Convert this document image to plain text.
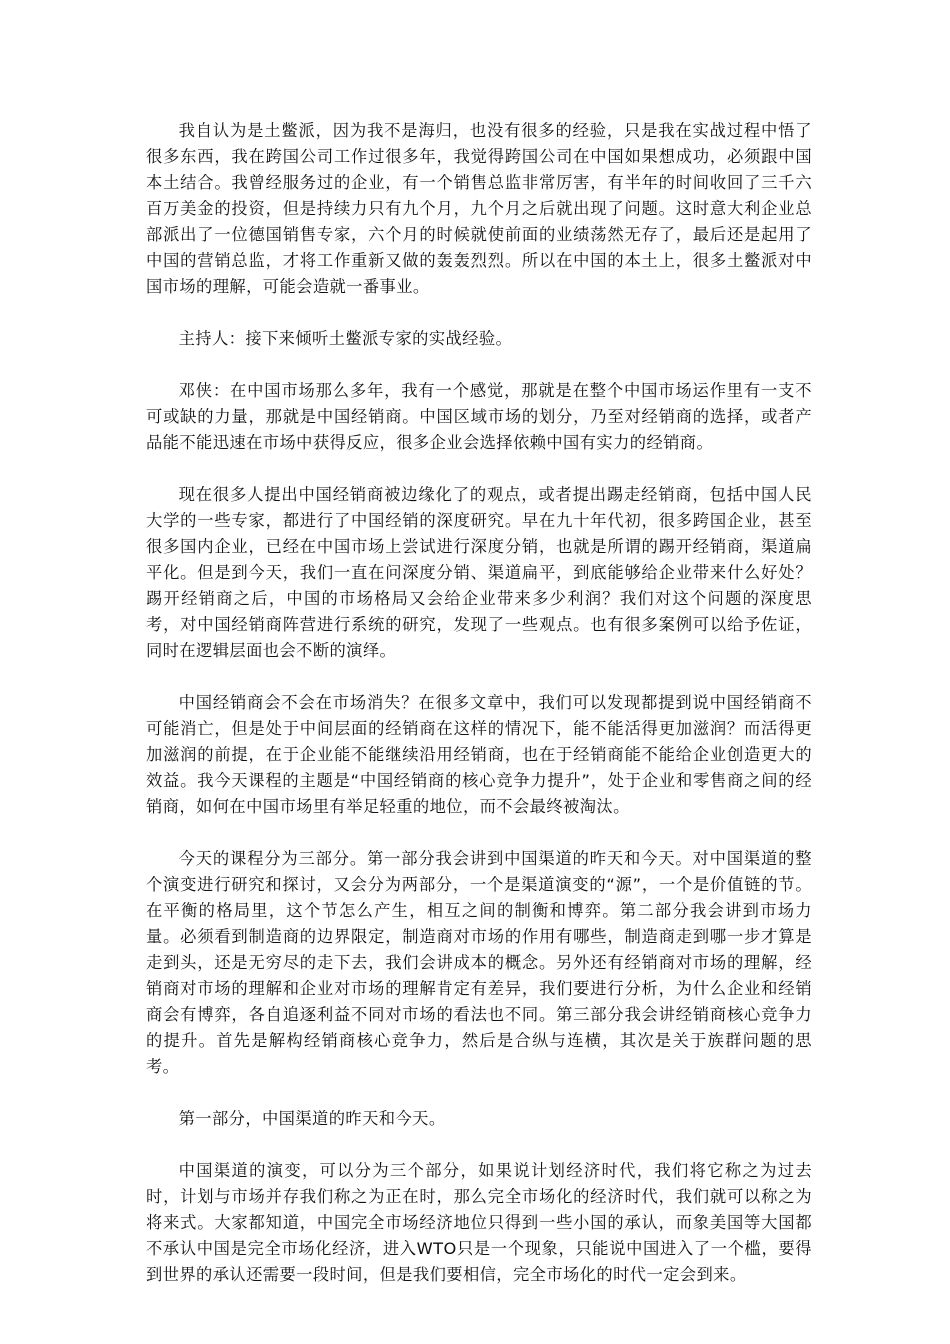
我自认为是土鳖派，因为我不是海归，也没有很多的经验，只是我在实战过程中悟了很多东西，我在跨国公司工作过很多年，我觉得跨国公司在中国如果想成功，必须跟中国本土结合。我曾经服务过的企业，有一个销售总监非常厉害，有半年的时间收回了三千六百万美金的投资，但是持续力只有九个月，九个月之后就出现了问题。这时意大利企业总部派出了一位德国销售专家，六个月的时候就使前面的业绩荡然无存了，最后还是起用了中国的营销总监，才将工作重新又做的轰轰烈烈。所以在中国的本土上，很多土鳖派对中国市场的理解，可能会造就一番事业。

主持人：接下来倾听土鳖派专家的实战经验。

邓侠：在中国市场那么多年，我有一个感觉，那就是在整个中国市场运作里有一支不可或缺的力量，那就是中国经销商。中国区域市场的划分，乃至对经销商的选择，或者产品能不能迅速在市场中获得反应，很多企业会选择依赖中国有实力的经销商。

现在很多人提出中国经销商被边缘化了的观点，或者提出踢走经销商，包括中国人民大学的一些专家，都进行了中国经销的深度研究。早在九十年代初，很多跨国企业，甚至很多国内企业，已经在中国市场上尝试进行深度分销，也就是所谓的踢开经销商，渠道扁平化。但是到今天，我们一直在问深度分销、渠道扁平，到底能够给企业带来什么好处？踢开经销商之后，中国的市场格局又会给企业带来多少利润？我们对这个问题的深度思考，对中国经销商阵营进行系统的研究，发现了一些观点。也有很多案例可以给予佐证，同时在逻辑层面也会不断的演绎。

中国经销商会不会在市场消失？在很多文章中，我们可以发现都提到说中国经销商不可能消亡，但是处于中间层面的经销商在这样的情况下，能不能活得更加滋润？而活得更加滋润的前提，在于企业能不能继续沿用经销商，也在于经销商能不能给企业创造更大的效益。我今天课程的主题是“中国经销商的核心竞争力提升”，处于企业和零售商之间的经销商，如何在中国市场里有举足轻重的地位，而不会最终被淘汰。

今天的课程分为三部分。第一部分我会讲到中国渠道的昨天和今天。对中国渠道的整个演变进行研究和探讨，又会分为两部分，一个是渠道演变的“源”，一个是价值链的节。在平衡的格局里，这个节怎么产生，相互之间的制衡和博弈。第二部分我会讲到市场力量。必须看到制造商的边界限定，制造商对市场的作用有哪些，制造商走到哪一步才算是走到头，还是无穷尽的走下去，我们会讲成本的概念。另外还有经销商对市场的理解，经销商对市场的理解和企业对市场的理解肯定有差异，我们要进行分析，为什么企业和经销商会有博弈，各自追逐利益不同对市场的看法也不同。第三部分我会讲经销商核心竞争力的提升。首先是解构经销商核心竞争力，然后是合纵与连横，其次是关于族群问题的思考。

第一部分，中国渠道的昨天和今天。

中国渠道的演变，可以分为三个部分，如果说计划经济时代，我们将它称之为过去时，计划与市场并存我们称之为正在时，那么完全市场化的经济时代，我们就可以称之为将来式。大家都知道，中国完全市场经济地位只得到一些小国的承认，而象美国等大国都不承认中国是完全市场化经济，进入WTO只是一个现象，只能说中国进入了一个槛，要得到世界的承认还需要一段时间，但是我们要相信，完全市场化的时代一定会到来。
